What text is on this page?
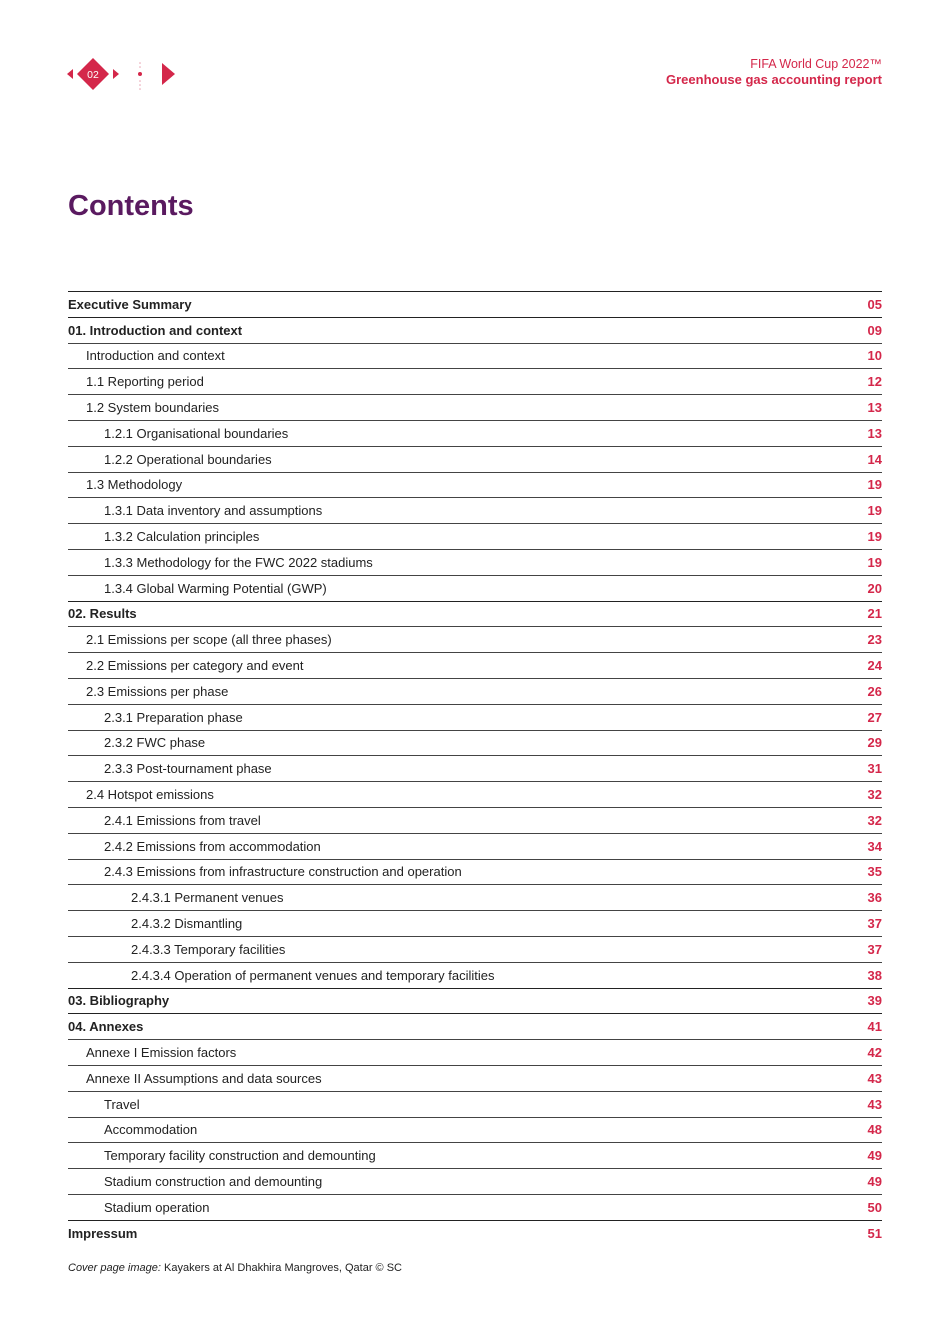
02
FIFA World Cup 2022™
Greenhouse gas accounting report
Contents
Executive Summary	05
01. Introduction and context	09
Introduction and context	10
1.1 Reporting period	12
1.2 System boundaries	13
1.2.1 Organisational boundaries	13
1.2.2 Operational boundaries	14
1.3 Methodology	19
1.3.1 Data inventory and assumptions	19
1.3.2 Calculation principles	19
1.3.3 Methodology for the FWC 2022 stadiums	19
1.3.4 Global Warming Potential (GWP)	20
02. Results	21
2.1 Emissions per scope (all three phases)	23
2.2 Emissions per category and event	24
2.3 Emissions per phase	26
2.3.1 Preparation phase	27
2.3.2 FWC phase	29
2.3.3 Post-tournament phase	31
2.4 Hotspot emissions	32
2.4.1 Emissions from travel	32
2.4.2 Emissions from accommodation	34
2.4.3 Emissions from infrastructure construction and operation	35
2.4.3.1 Permanent venues	36
2.4.3.2 Dismantling	37
2.4.3.3 Temporary facilities	37
2.4.3.4 Operation of permanent venues and temporary facilities	38
03. Bibliography	39
04. Annexes	41
Annexe I Emission factors	42
Annexe II Assumptions and data sources	43
Travel	43
Accommodation	48
Temporary facility construction and demounting	49
Stadium construction and demounting	49
Stadium operation	50
Impressum	51
Cover page image: Kayakers at Al Dhakhira Mangroves, Qatar © SC
